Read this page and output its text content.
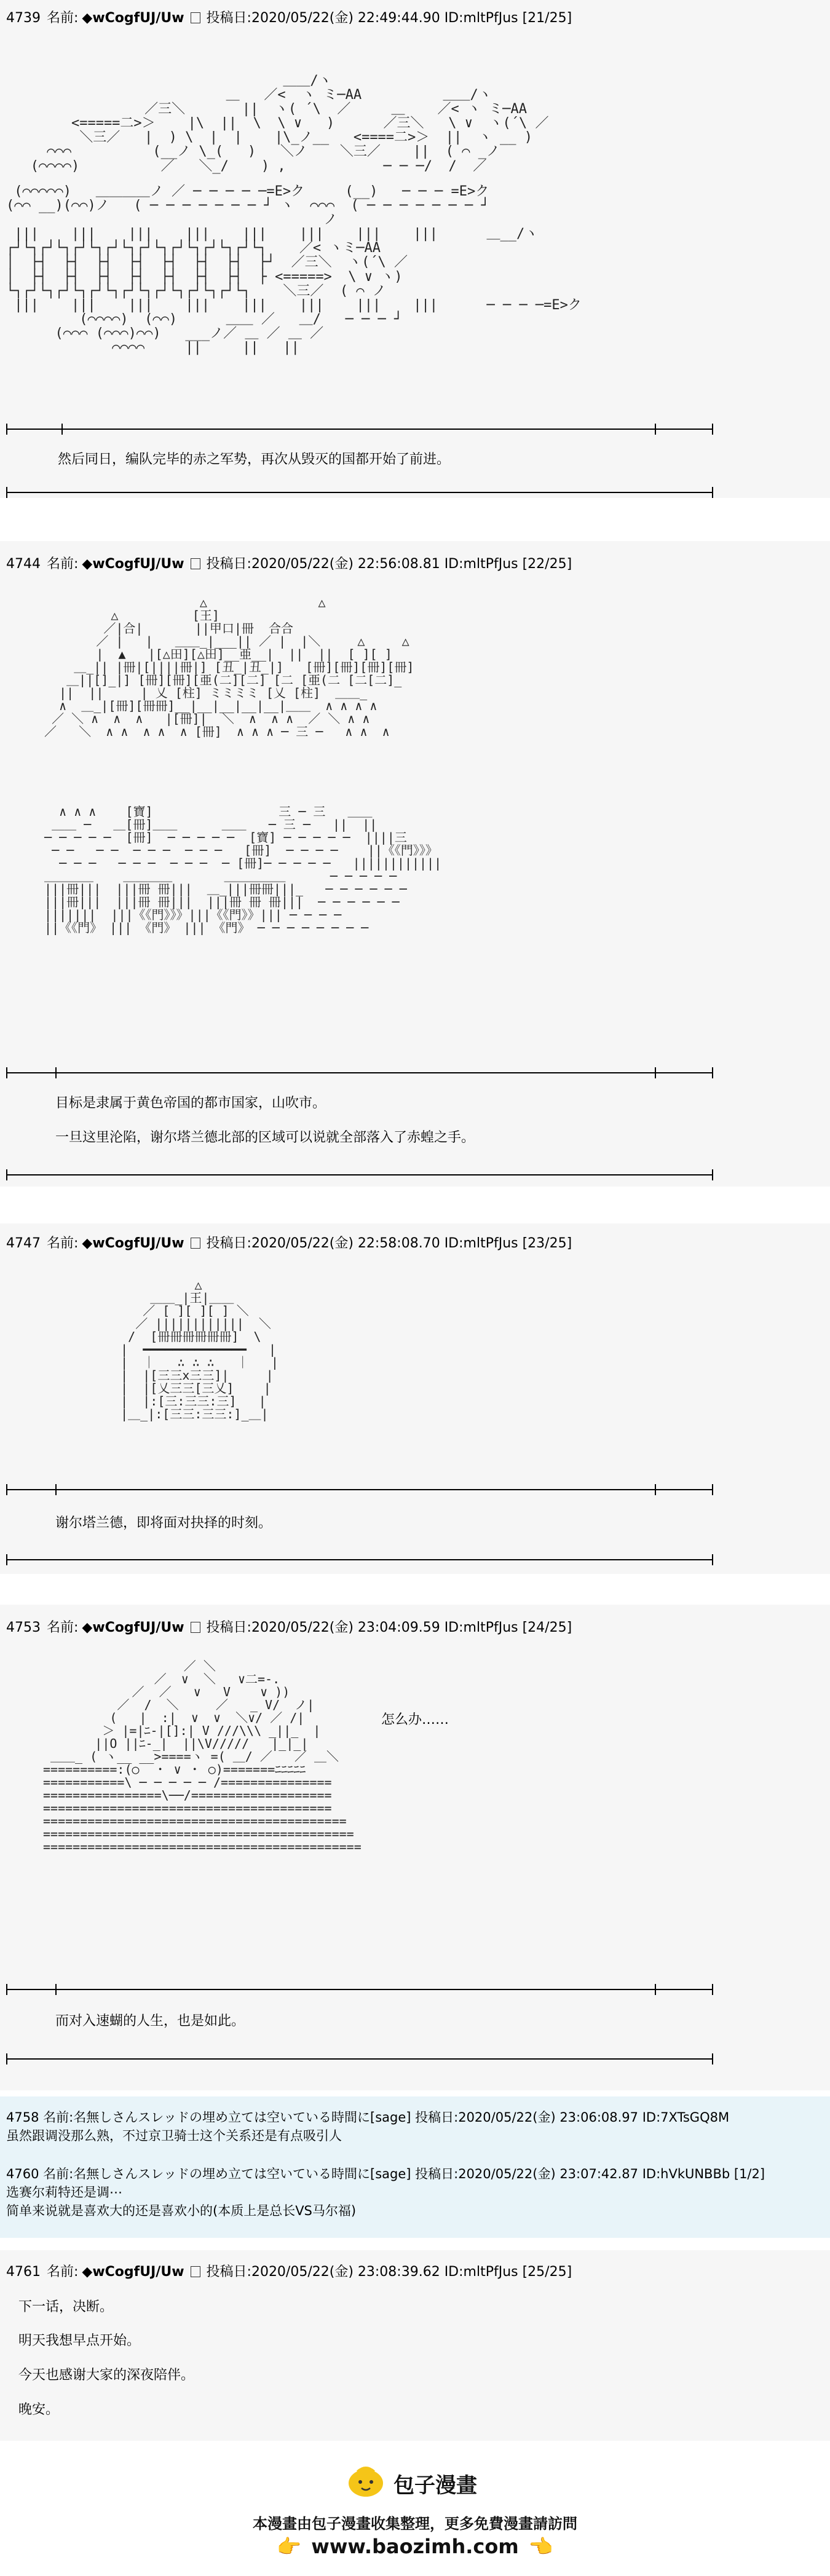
4739 名前: ◆wCogfUJ/Uw 投稿日:2020/05/22(金) 22:49:44.90 ID:mltPfJus [21/25]
＿＿/ヽ
＿   ／<  ヽ ミ─AA          ＿＿/ヽ
／三＼       ||  ヽ( ´\  ／     ＿    ／< ヽ ミ─AA
<=====二>＞    |\  ||  \  \ ∨   )      ／三＼   \ ∨  ヽ(´\ ／
＼三／   |  ) \  |  |    |\_ノ__   <====二>＞  ||  ヽ __ )
⌒⌒⌒          (__ノ \_(   )   ＼ノ    ＼三／    ||  ( ⌒ _ノ
(⌒⌒⌒⌒)          ／   ＼_/    ) ,            ─ ─ ─/  /  ／
(⌒⌒⌒⌒⌒)   ＿＿＿＿ノ ／ ─ ─ ─ ─ ─=E>ク     (__)   ─ ─ ─ =E>ク
(⌒⌒ __)(⌒⌒)ノ   ( ─ ─ ─ ─ ─ ─ ─ ┘ ヽ  ⌒⌒⌒  ( ─ ─ ─ ─ ─ ─ ─ ┘
ノ
|||    |||    |||    |||    |||    |||    |||    |||      ＿__/ヽ
┌┘└┐┌┘└┐┌┘└┐┌┘└┐┌┘└┐┌┘└┐┌┘└┐┌┘└┐    ／< ヽミ─AA
│  ├┤  ├┤  ├┤  ├┤  ├┤  ├┤  ├┤  ├┘  ／三＼  ヽ(´\ ／
│  ├┤  ├┤  ├┤  ├┤  ├┤  ├┤  ├┤  ├ <=====>  \ ∨ ヽ)
└┐┌┘└┐┌┘└┐┌┘└┐┌┘└┐┌┘└┐┌┘└┐┌┘└┐    ＼三／  ( ⌒ ノ
|||    |||    |||    |||    |||    |||    |||    |||      ─ ─ ─ ─=E>ク
(⌒⌒⌒⌒)  (⌒⌒)      ＿＿ ／   ＿/   ─ ─ ─ ┘
(⌒⌒⌒ (⌒⌒⌒)⌒⌒)   ___ノ／ ＿ ／ ＿ ／
⌒⌒⌒⌒     ||     ||   ||
然后同日，编队完毕的赤之军势，再次从毁灭的国都开始了前进。
4744 名前: ◆wCogfUJ/Uw 投稿日:2020/05/22(金) 22:56:08.81 ID:mltPfJus [22/25]
△               △
△          [王]
／|合|       ||甲口|冊  合合
／ |   |   ＿＿_|___|| ／ |  |＼     △     △
|  ▲   |[△田][△田]__亜__|  ||  ||  [ ][ ]
＿_|| |冊|[||||冊|] [丑_|丑_|]   [冊][冊][冊][冊]
＿||[]_|] [冊][冊][亜(二][二] [二 [亜(二 [二[二]_
||  ||     | 乂 [柱] ミミミミ [乂 [柱]  ＿＿_
∧  ＿_|[冊][冊冊]__|__|__|__|__|＿＿  ∧ ∧ ∧ ∧
／ ＼ ∧  ∧  ∧   |[冊]|  ＼  ∧  ∧ ∧  ／ ＼ ∧ ∧
／   ＼  ∧ ∧  ∧ ∧  ∧ [冊]  ∧ ∧ ∧ ─ 三 ─   ∧ ∧  ∧
∧ ∧ ∧    [寶]                 三 ─ 三   ＿＿
＿＿ ─   ＿[冊]＿＿      ＿＿   ─ 三 ─   ||  ||
─ ─ ─ ─ ─  [冊]  ─ ─ ─ ─ ─  [寶] ─ ─ ─ ─ ─  ||||三
─ ─   ─ ─  ─ ─ ─  ─ ─ ─   [冊]  ─ ─ ─ ─    ||《《門》》》
─ ─ ─   ─ ─ ─  ─ ─ ─  ─ [冊]─ ─ ─ ─ ─   ||||||||||||
＿＿＿＿    ＿＿＿＿       ＿＿＿＿＿      ─ ─ ─ ─ ─
|||冊|||  |||冊 冊|||  ＿_|||冊冊|||_   ─ ─ ─ ─ ─ ─
|||冊|||  |||冊 冊|||  |||冊 冊 冊|||  ─ ─ ─ ─ ─ ─
|||||||  |||《《門》》》|||《《門》》||| ─ ─ ─ ─
||《《門》 ||| 《門》 ||| 《門》 ─ ─ ─ ─ ─ ─ ─ ─
目标是隶属于黄色帝国的都市国家，山吹市。
一旦这里沦陷，谢尔塔兰德北部的区域可以说就全部落入了赤蝗之手。
4747 名前: ◆wCogfUJ/Uw 投稿日:2020/05/22(金) 22:58:08.70 ID:mltPfJus [23/25]
△
＿＿_|王|＿＿
／ [ ][ ][ ] ＼
／ ||||||||||||  ＼
/  [冊冊冊冊冊冊]  \
|  ━━━━━━━━━━━━━━   |
|  ｜   ∴ ∴ ∴   ｜   |
|  |[三三x三三]|     |
|  |[乂三三[三乂]    |
|  |:[三:三三:三]   |
|＿_|:[三三:三三:]_＿|
谢尔塔兰德，即将面对抉择的时刻。
4753 名前: ◆wCogfUJ/Uw 投稿日:2020/05/22(金) 23:04:09.59 ID:mltPfJus [24/25]
／ ＼
／  ∨  ＼   ∨二=-.
／  ／   ∨   V    ∨ ))
／  /  ＼     ／   _ V/  ノ|
(   |  :|  ∨  ∨  ＼∨/ ／ /|
＞ |=|ﾆ-|[]:| V ///\\\ _||_  |
||O ||ﾆ-_|  ||\V/////   |_|_|
＿＿_ ( ヽ__ __>====ヽ =( ＿/ ／   ／ ＿＼
==========:(○  ・ ∨ ・ ○)=======ﾆﾆﾆﾆﾆ
===========\ ─ ─ ─ ─ ─ /===============
================\──/===================
=======================================
=========================================
==========================================
===========================================
怎么办……
而对入速蝴的人生，也是如此。
4758 名前:名無しさんスレッドの埋め立ては空いている時間に[sage] 投稿日:2020/05/22(金) 23:06:08.97 ID:7XTsGQ8M
虽然跟调没那么熟，不过京卫骑士这个关系还是有点吸引人
4760 名前:名無しさんスレッドの埋め立ては空いている時間に[sage] 投稿日:2020/05/22(金) 23:07:42.87 ID:hVkUNBBb [1/2]
选赛尔莉特还是调⋯
简单来说就是喜欢大的还是喜欢小的(本质上是总长VS马尔福)
4761 名前: ◆wCogfUJ/Uw 投稿日:2020/05/22(金) 23:08:39.62 ID:mltPfJus [25/25]
下一话，决断。
明天我想早点开始。
今天也感谢大家的深夜陪伴。
晚安。
包子漫畫
本漫畫由包子漫畫收集整理，更多免費漫畫請訪問
👉 www.baozimh.com 👈
